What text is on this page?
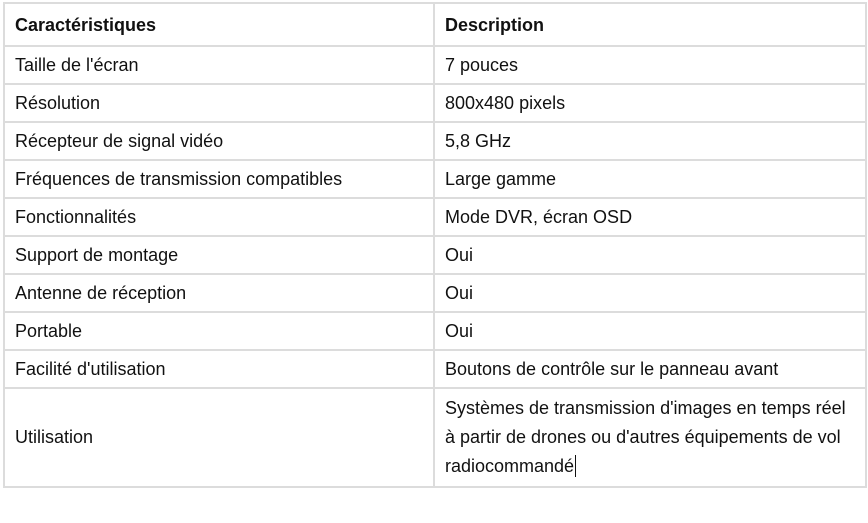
Caractéristiques	Description
Taille de l'écran	7 pouces
Résolution	800x480 pixels
Récepteur de signal vidéo	5,8 GHz
Fréquences de transmission compatibles	Large gamme
Fonctionnalités	Mode DVR, écran OSD
Support de montage	Oui
Antenne de réception	Oui
Portable	Oui
Facilité d'utilisation	Boutons de contrôle sur le panneau avant
Utilisation	Systèmes de transmission d'images en temps réel à partir de drones ou d'autres équipements de vol radiocommandé
